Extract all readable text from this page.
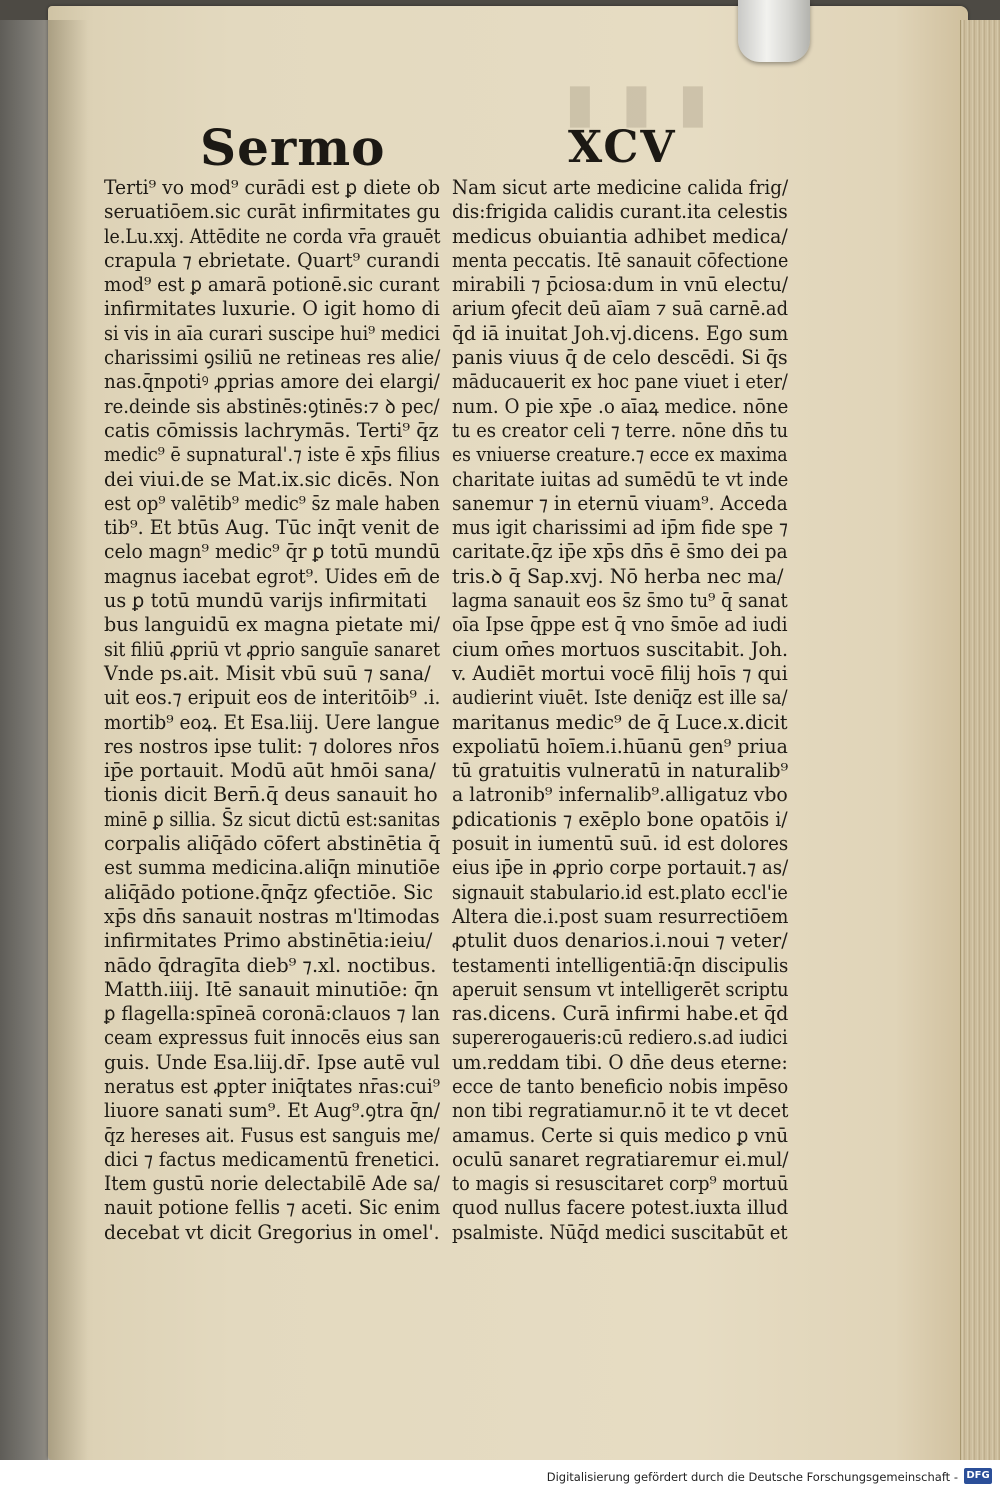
▮ ▮ ▮
Sermo	XCV
Terti⁹ vo mod⁹ curādi est ꝑ diete ob
seruatiōem.sic curāt infirmitates gu
le.Lu.xxj. Attēdite ne corda vr̄a grauēt
crapula ⁊ ebrietate. Quart⁹ curandi
mod⁹ est ꝑ amarā potionē.sic curant
infirmitates luxurie. O igit homo di
si vis in aīa curari suscipe hui⁹ medici
charissimi ꝯsiliū ne retineas res alie/
nas.q̄npotiꝰ ꝓprias amore dei elargi/
re.deinde sis abstinēs:ꝯtinēs:⁊ ꝺ pec/
catis cōmissis lachrymās. Terti⁹ q̄z
medic⁹ ē supnatural'.⁊ iste ē xp̄s filius
dei viui.de se Mat.ix.sic dicēs. Non
est op⁹ valētib⁹ medic⁹ s̄z male haben
tib⁹. Et btūs Aug. Tūc inq̄t venit de
celo magn⁹ medic⁹ q̄r ꝑ totū mundū
magnus iacebat egrot⁹. Uides em̄ de
us ꝑ totū mundū varijs infirmitati
bus languidū ex magna pietate mi/
sit filiū ꝓpriū vt ꝓprio sanguīe sanaret
Vnde ps.ait. Misit vbū suū ⁊ sana/
uit eos.⁊ eripuit eos de interitōib⁹ .i.
mortib⁹ eoꝝ. Et Esa.liij. Uere langue
res nostros ipse tulit: ⁊ dolores nr̄os
ip̄e portauit. Modū aūt hmōi sana/
tionis dicit Bern̄.q̄ deus sanauit ho
minē ꝑ sillia. S̄z sicut dictū est:sanitas
corpalis aliq̄ādo cōfert abstinētia q̄
est summa medicina.aliq̄n minutiōe
aliq̄ādo potione.q̄nq̄z ꝯfectiōe. Sic
xp̄s dn̄s sanauit nostras m'ltimodas
infirmitates Primo abstinētia:ieiu/
nādo q̄dragīta dieb⁹ ⁊.xl. noctibus.
Matth.iiij. Itē sanauit minutiōe: q̄n
ꝑ flagella:spīneā coronā:clauos ⁊ lan
ceam expressus fuit innocēs eius san
guis. Unde Esa.liij.dr̄. Ipse autē vul
neratus est ꝓpter iniq̄tates nr̄as:cui⁹
liuore sanati sum⁹. Et Aug⁹.ꝯtra q̄n/
q̄z hereses ait. Fusus est sanguis me/
dici ⁊ factus medicamentū frenetici.
Item gustū norie delectabilē Ade sa/
nauit potione fellis ⁊ aceti. Sic enim
decebat vt dicit Gregorius in omel'.
Nam sicut arte medicine calida frig/
dis:frigida calidis curant.ita celestis
medicus obuiantia adhibet medica/
menta peccatis. Itē sanauit cōfectione
mirabili ⁊ p̄ciosa:dum in vnū electu/
arium ꝯfecit deū aīam ⁊ suā carnē.ad
q̄d iā inuitat Joh.vj.dicens. Ego sum
panis viuus q̄ de celo descēdi. Si q̄s
māducauerit ex hoc pane viuet i eter/
num. O pie xp̄e .o aīaꝝ medice. nōne
tu es creator celi ⁊ terre. nōne dn̄s tu
es vniuerse creature.⁊ ecce ex maxima
charitate iuitas ad sumēdū te vt inde
sanemur ⁊ in eternū viuam⁹. Acceda
mus igit charissimi ad ip̄m fide spe ⁊
caritate.q̄z ip̄e xp̄s dn̄s ē s̄mo dei pa
tris.ꝺ q̄ Sap.xvj. Nō herba nec ma/
lagma sanauit eos s̄z s̄mo tu⁹ q̄ sanat
oīa Ipse q̄ppe est q̄ vno s̄mōe ad iudi
cium om̄es mortuos suscitabit. Joh.
v. Audiēt mortui vocē filij hoīs ⁊ qui
audierint viuēt. Iste deniq̄z est ille sa/
maritanus medic⁹ de q̄ Luce.x.dicit
expoliatū hoīem.i.hūanū gen⁹ priua
tū gratuitis vulneratū in naturalib⁹
a latronib⁹ infernalib⁹.alligatuz vbo
ꝑdicationis ⁊ exēplo bone opatōis i/
posuit in iumentū suū. id est dolores
eius ip̄e in ꝓprio corpe portauit.⁊ as/
signauit stabulario.id est.plato eccl'ie
Altera die.i.post suam resurrectiōem
ꝓtulit duos denarios.i.noui ⁊ veter/
testamenti intelligentiā:q̄n discipulis
aperuit sensum vt intelligerēt scriptu
ras.dicens. Curā infirmi habe.et q̄d
supererogaueris:cū rediero.s.ad iudici
um.reddam tibi. O dn̄e deus eterne:
ecce de tanto beneficio nobis impēso
non tibi regratiamur.nō it te vt decet
amamus. Certe si quis medico ꝑ vnū
oculū sanaret regratiaremur ei.mul/
to magis si resuscitaret corp⁹ mortuū
quod nullus facere potest.iuxta illud
psalmiste. Nūq̄d medici suscitabūt et
Digitalisierung gefördert durch die Deutsche Forschungsgemeinschaft - DFG
